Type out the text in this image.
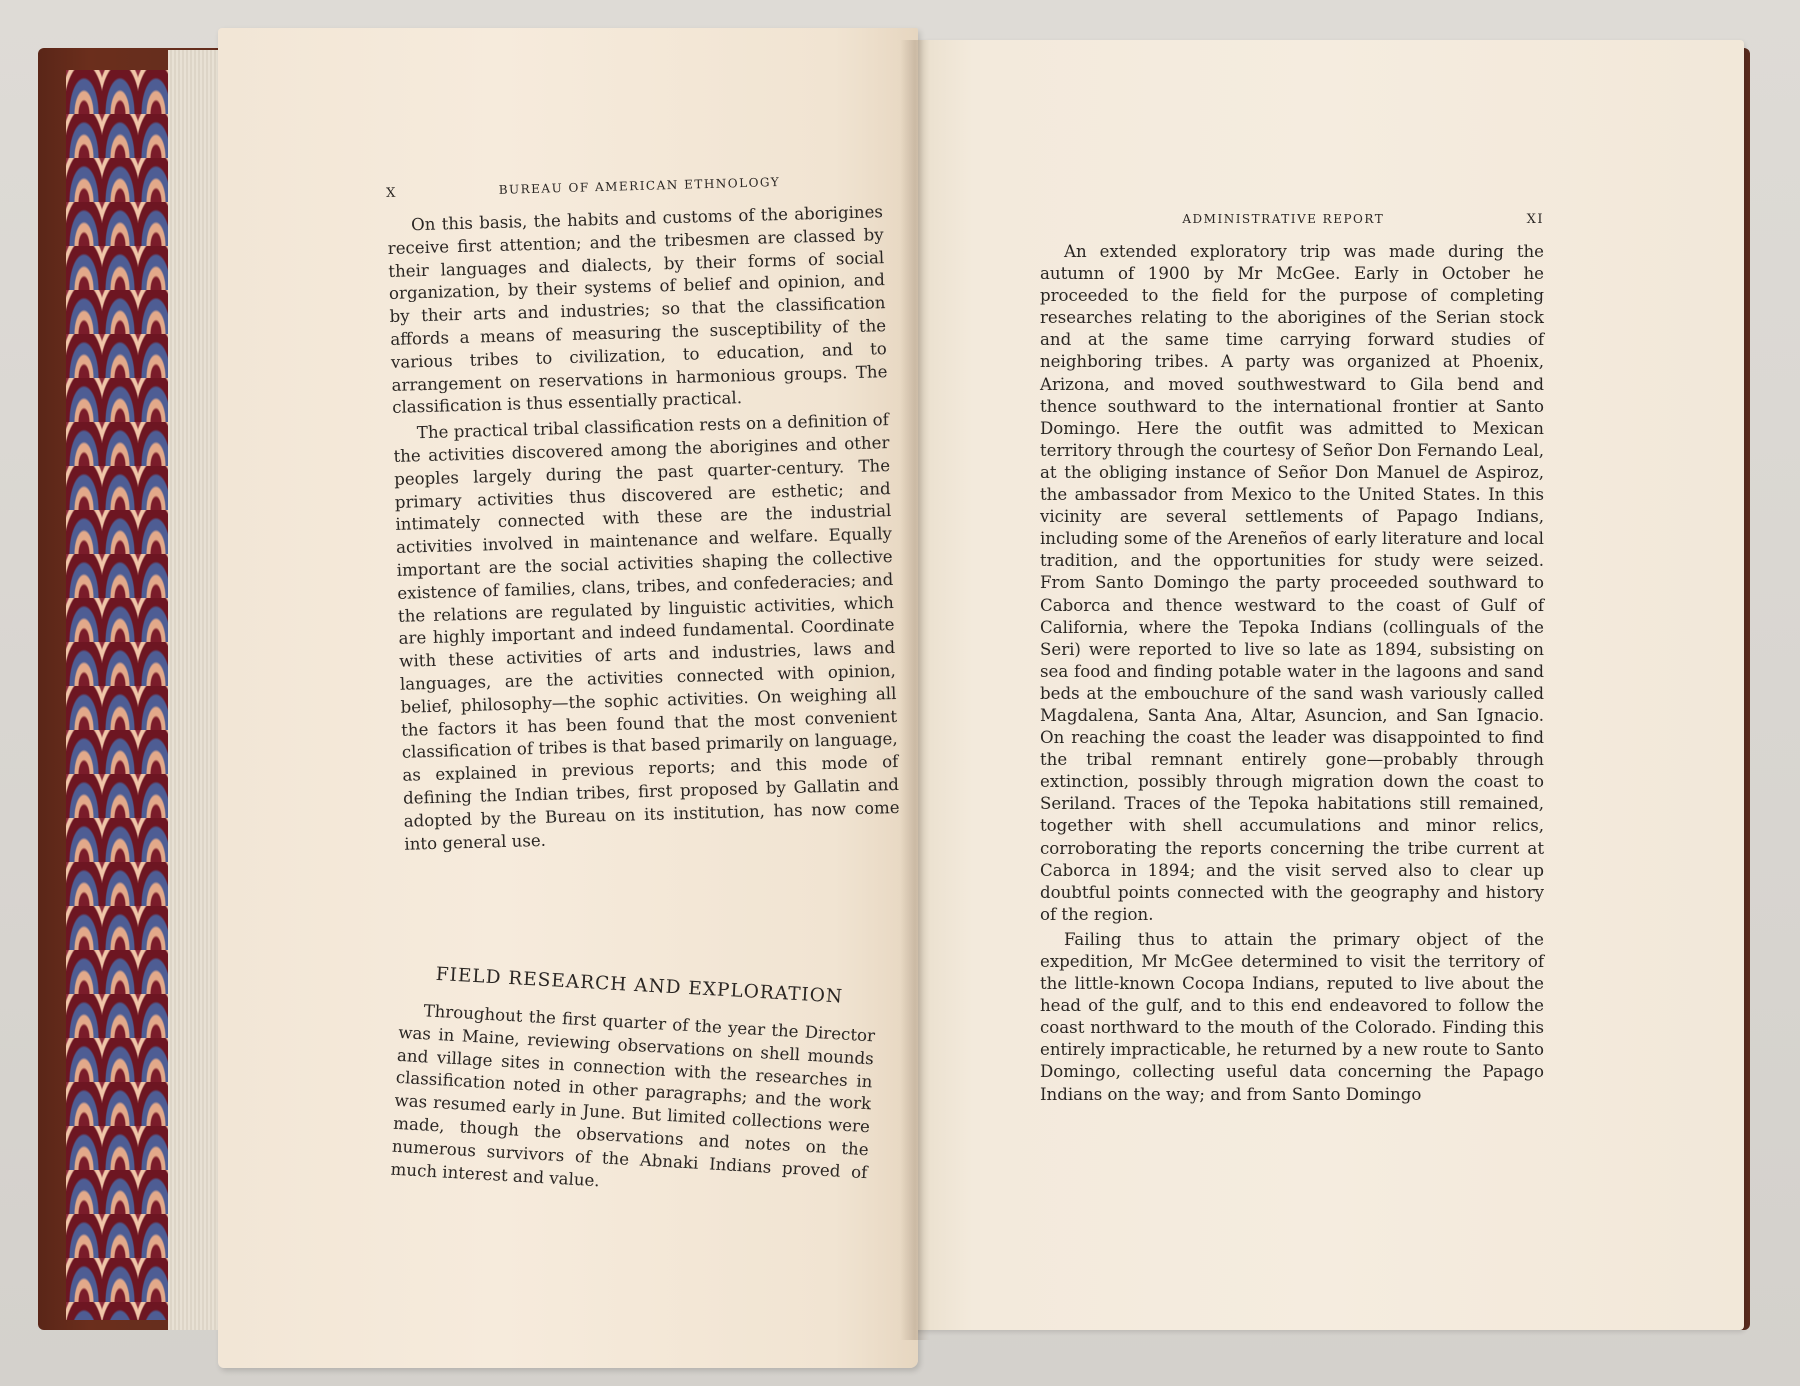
X	BUREAU OF AMERICAN ETHNOLOGY

On this basis, the habits and customs of the aborigines receive first attention; and the tribesmen are classed by their languages and dialects, by their forms of social organization, by their systems of belief and opinion, and by their arts and industries; so that the classification affords a means of measuring the susceptibility of the various tribes to civilization, to education, and to arrangement on reservations in harmonious groups. The classification is thus essentially practical.

The practical tribal classification rests on a definition of the activities discovered among the aborigines and other peoples largely during the past quarter-century. The primary activities thus discovered are esthetic; and intimately connected with these are the industrial activities involved in maintenance and welfare. Equally important are the social activities shaping the collective existence of families, clans, tribes, and confederacies; and the relations are regulated by linguistic activities, which are highly important and indeed fundamental. Coordinate with these activities of arts and industries, laws and languages, are the activities connected with opinion, belief, philosophy—the sophic activities. On weighing all the factors it has been found that the most convenient classification of tribes is that based primarily on language, as explained in previous reports; and this mode of defining the Indian tribes, first proposed by Gallatin and adopted by the Bureau on its institution, has now come into general use.

FIELD RESEARCH AND EXPLORATION

Throughout the first quarter of the year the Director was in Maine, reviewing observations on shell mounds and village sites in connection with the researches in classification noted in other paragraphs; and the work was resumed early in June. But limited collections were made, though the observations and notes on the numerous survivors of the Abnaki Indians proved of much interest and value.

ADMINISTRATIVE REPORT	XI

An extended exploratory trip was made during the autumn of 1900 by Mr McGee. Early in October he proceeded to the field for the purpose of completing researches relating to the aborigines of the Serian stock and at the same time carrying forward studies of neighboring tribes. A party was organized at Phoenix, Arizona, and moved southwestward to Gila bend and thence southward to the international frontier at Santo Domingo. Here the outfit was admitted to Mexican territory through the courtesy of Señor Don Fernando Leal, at the obliging instance of Señor Don Manuel de Aspiroz, the ambassador from Mexico to the United States. In this vicinity are several settlements of Papago Indians, including some of the Areneños of early literature and local tradition, and the opportunities for study were seized. From Santo Domingo the party proceeded southward to Caborca and thence westward to the coast of Gulf of California, where the Tepoka Indians (collinguals of the Seri) were reported to live so late as 1894, subsisting on sea food and finding potable water in the lagoons and sand beds at the embouchure of the sand wash variously called Magdalena, Santa Ana, Altar, Asuncion, and San Ignacio. On reaching the coast the leader was disappointed to find the tribal remnant entirely gone—probably through extinction, possibly through migration down the coast to Seriland. Traces of the Tepoka habitations still remained, together with shell accumulations and minor relics, corroborating the reports concerning the tribe current at Caborca in 1894; and the visit served also to clear up doubtful points connected with the geography and history of the region.

Failing thus to attain the primary object of the expedition, Mr McGee determined to visit the territory of the little-known Cocopa Indians, reputed to live about the head of the gulf, and to this end endeavored to follow the coast northward to the mouth of the Colorado. Finding this entirely impracticable, he returned by a new route to Santo Domingo, collecting useful data concerning the Papago Indians on the way; and from Santo Domingo
